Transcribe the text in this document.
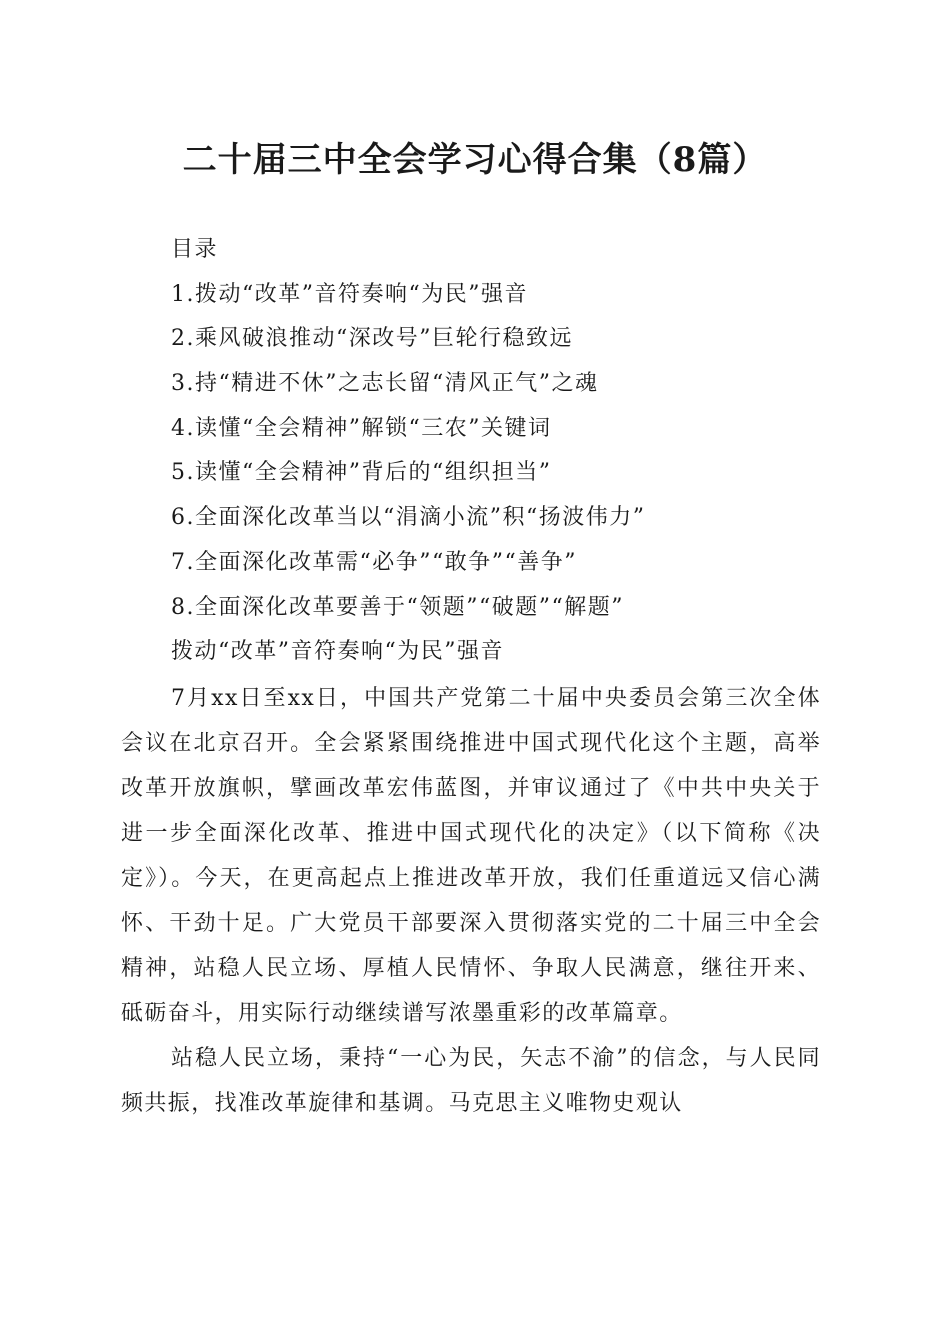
二十届三中全会学习心得合集（8篇）
目录
1.拨动“改革”音符奏响“为民”强音
2.乘风破浪推动“深改号”巨轮行稳致远
3.持“精进不休”之志长留“清风正气”之魂
4.读懂“全会精神”解锁“三农”关键词
5.读懂“全会精神”背后的“组织担当”
6.全面深化改革当以“涓滴小流”积“扬波伟力”
7.全面深化改革需“必争”“敢争”“善争”
8.全面深化改革要善于“领题”“破题”“解题”
拨动“改革”音符奏响“为民”强音

7月xx日至xx日，中国共产党第二十届中央委员会第三次全体会议在北京召开。全会紧紧围绕推进中国式现代化这个主题，高举改革开放旗帜，擘画改革宏伟蓝图，并审议通过了《中共中央关于进一步全面深化改革、推进中国式现代化的决定》（以下简称《决定》）。今天，在更高起点上推进改革开放，我们任重道远又信心满怀、干劲十足。广大党员干部要深入贯彻落实党的二十届三中全会精神，站稳人民立场、厚植人民情怀、争取人民满意，继往开来、砥砺奋斗，用实际行动继续谱写浓墨重彩的改革篇章。

站稳人民立场，秉持“一心为民，矢志不渝”的信念，与人民同频共振，找准改革旋律和基调。马克思主义唯物史观认
